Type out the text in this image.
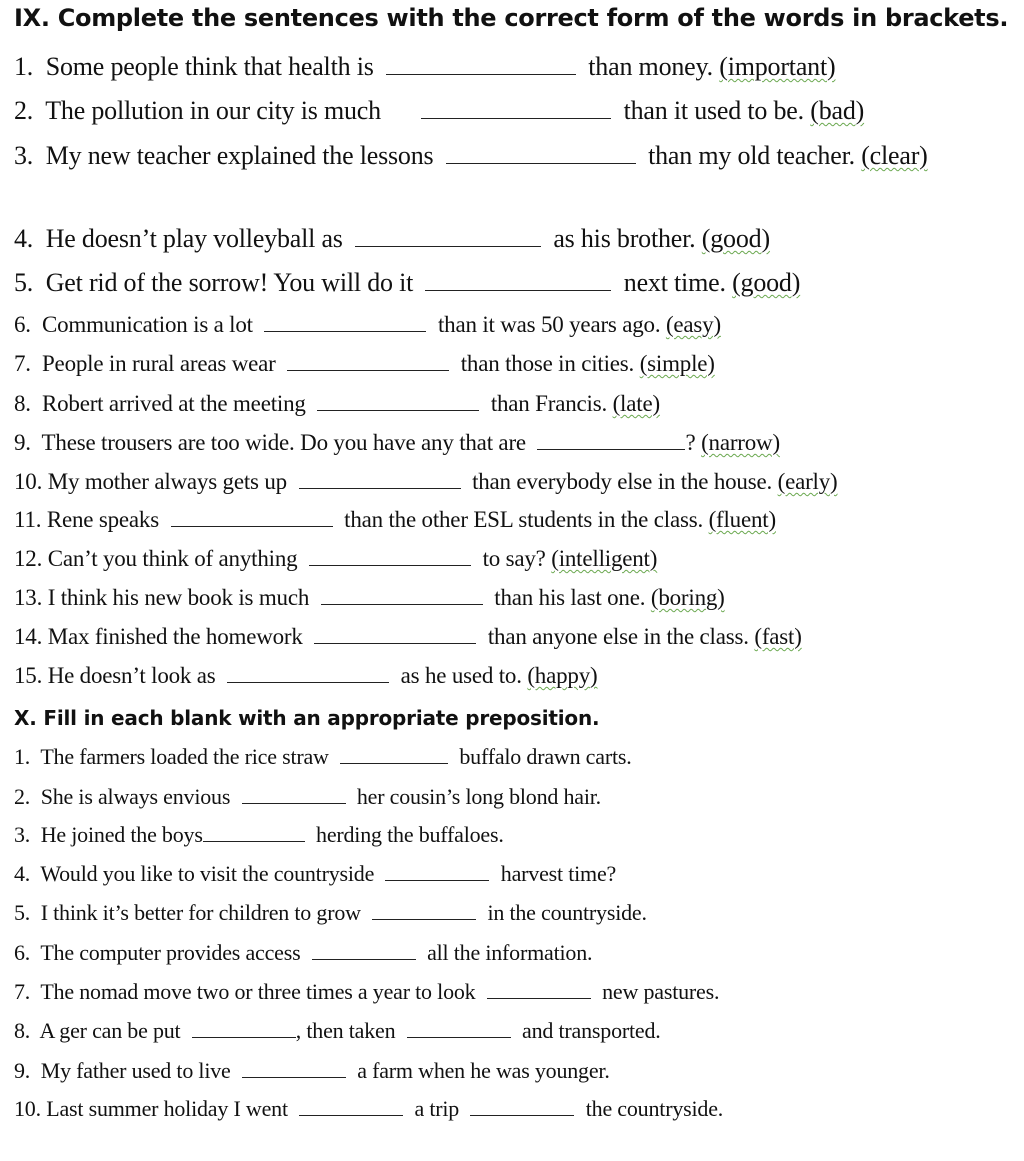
IX. Complete the sentences with the correct form of the words in brackets.
1. Some people think that health is	than money. (important)
2. The pollution in our city is much	than it used to be. (bad)
3. My new teacher explained the lessons	than my old teacher. (clear)
4. He doesn’t play volleyball as	as his brother. (good)
5. Get rid of the sorrow! You will do it	next time. (good)
6. Communication is a lot	than it was 50 years ago. (easy)
7. People in rural areas wear	than those in cities. (simple)
8. Robert arrived at the meeting	than Francis. (late)
9. These trousers are too wide. Do you have any that are	? (narrow)
10. My mother always gets up	than everybody else in the house. (early)
11. Rene speaks	than the other ESL students in the class. (fluent)
12. Can’t you think of anything	to say? (intelligent)
13. I think his new book is much	than his last one. (boring)
14. Max finished the homework	than anyone else in the class. (fast)
15. He doesn’t look as	as he used to. (happy)
X. Fill in each blank with an appropriate preposition.
1. The farmers loaded the rice straw	buffalo drawn carts.
2. She is always envious	her cousin’s long blond hair.
3. He joined the boys	herding the buffaloes.
4. Would you like to visit the countryside	harvest time?
5. I think it’s better for children to grow	in the countryside.
6. The computer provides access	all the information.
7. The nomad move two or three times a year to look	new pastures.
8. A ger can be put	, then taken	and transported.
9. My father used to live	a farm when he was younger.
10. Last summer holiday I went	a trip	the countryside.
